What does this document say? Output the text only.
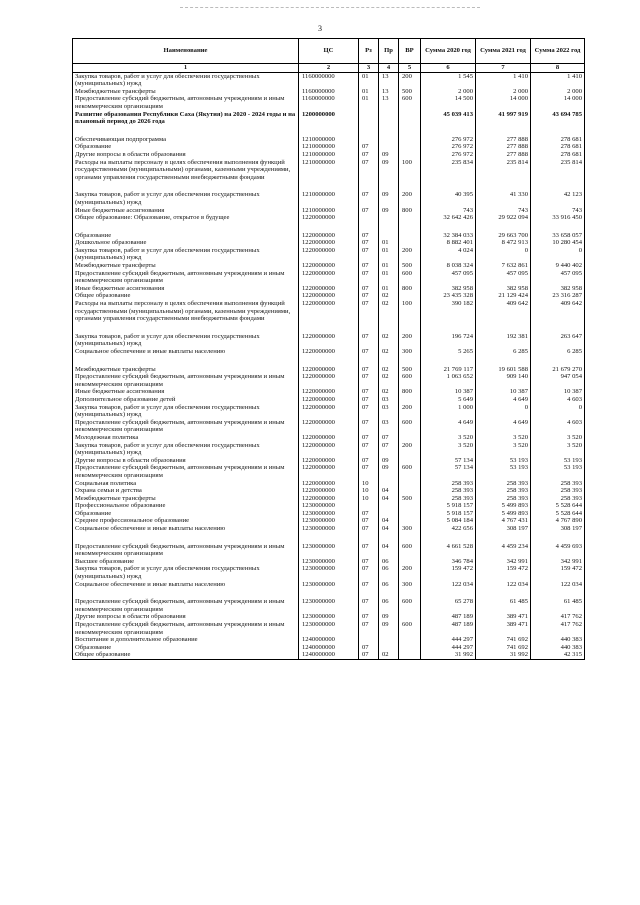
3
Наименование	ЦС	Рз	Пр	ВР	Сумма 2020 год	Сумма 2021 год	Сумма 2022 год
1	2	3	4	5	6	7	8
Закупка товаров, работ и услуг для обеспечения государственных (муниципальных) нужд	1160000000	01	13	200	1 545	1 410	1 410
Межбюджетные трансферты	1160000000	01	13	500	2 000	2 000	2 000
Предоставление субсидий бюджетным, автономным учреждениям и иным некоммерческим организациям	1160000000	01	13	600	14 500	14 000	14 000
Развитие образования Республики Саха (Якутия) на 2020 - 2024 годы и на плановый период до 2026 года	1200000000				45 039 413	41 997 919	43 694 785

Обеспечивающая подпрограмма	1210000000				276 972	277 888	278 681
Образование	1210000000	07			276 972	277 888	278 681
Другие вопросы в области образования	1210000000	07	09		276 972	277 888	278 681
Расходы на выплаты персоналу в целях обеспечения выполнения функций государственными (муниципальными) органами, казенными учреждениями, органами управления государственными внебюджетными фондами	1210000000	07	09	100	235 834	235 814	235 814

Закупка товаров, работ и услуг для обеспечения государственных (муниципальных) нужд	1210000000	07	09	200	40 395	41 330	42 123
Иные бюджетные ассигнования	1210000000	07	09	800	743	743	743
Общее образование: Образование, открытое в будущее	1220000000				32 642 426	29 922 094	33 916 450

Образование	1220000000	07			32 384 033	29 663 700	33 658 057
Дошкольное образование	1220000000	07	01		8 882 401	8 472 913	10 280 454
Закупка товаров, работ и услуг для обеспечения государственных (муниципальных) нужд	1220000000	07	01	200	4 024	0	0
Межбюджетные трансферты	1220000000	07	01	500	8 038 324	7 632 861	9 440 402
Предоставление субсидий бюджетным, автономным учреждениям и иным некоммерческим организациям	1220000000	07	01	600	457 095	457 095	457 095
Иные бюджетные ассигнования	1220000000	07	01	800	382 958	382 958	382 958
Общее образование	1220000000	07	02		23 435 328	21 129 424	23 316 287
Расходы на выплаты персоналу в целях обеспечения выполнения функций государственными (муниципальными) органами, казенными учреждениями, органами управления государственными внебюджетными фондами	1220000000	07	02	100	390 182	409 642	409 642

Закупка товаров, работ и услуг для обеспечения государственных (муниципальных) нужд	1220000000	07	02	200	196 724	192 381	263 647
Социальное обеспечение и иные выплаты населению	1220000000	07	02	300	5 265	6 285	6 285

Межбюджетные трансферты	1220000000	07	02	500	21 769 117	19 601 588	21 679 270
Предоставление субсидий бюджетным, автономным учреждениям и иным некоммерческим организациям	1220000000	07	02	600	1 063 652	909 140	947 054
Иные бюджетные ассигнования	1220000000	07	02	800	10 387	10 387	10 387
Дополнительное образование детей	1220000000	07	03		5 649	4 649	4 603
Закупка товаров, работ и услуг для обеспечения государственных (муниципальных) нужд	1220000000	07	03	200	1 000	0	0
Предоставление субсидий бюджетным, автономным учреждениям и иным некоммерческим организациям	1220000000	07	03	600	4 649	4 649	4 603
Молодежная политика	1220000000	07	07		3 520	3 520	3 520
Закупка товаров, работ и услуг для обеспечения государственных (муниципальных) нужд	1220000000	07	07	200	3 520	3 520	3 520
Другие вопросы в области образования	1220000000	07	09		57 134	53 193	53 193
Предоставление субсидий бюджетным, автономным учреждениям и иным некоммерческим организациям	1220000000	07	09	600	57 134	53 193	53 193
Социальная политика	1220000000	10			258 393	258 393	258 393
Охрана семьи и детства	1220000000	10	04		258 393	258 393	258 393
Межбюджетные трансферты	1220000000	10	04	500	258 393	258 393	258 393
Профессиональное образование	1230000000				5 918 157	5 499 893	5 528 644
Образование	1230000000	07			5 918 157	5 499 893	5 528 644
Среднее профессиональное образование	1230000000	07	04		5 084 184	4 767 431	4 767 890
Социальное обеспечение и иные выплаты населению	1230000000	07	04	300	422 656	308 197	308 197

Предоставление субсидий бюджетным, автономным учреждениям и иным некоммерческим организациям	1230000000	07	04	600	4 661 528	4 459 234	4 459 693
Высшее образование	1230000000	07	06		346 784	342 991	342 991
Закупка товаров, работ и услуг для обеспечения государственных (муниципальных) нужд	1230000000	07	06	200	159 472	159 472	159 472
Социальное обеспечение и иные выплаты населению	1230000000	07	06	300	122 034	122 034	122 034

Предоставление субсидий бюджетным, автономным учреждениям и иным некоммерческим организациям	1230000000	07	06	600	65 278	61 485	61 485
Другие вопросы в области образования	1230000000	07	09		487 189	389 471	417 762
Предоставление субсидий бюджетным, автономным учреждениям и иным некоммерческим организациям	1230000000	07	09	600	487 189	389 471	417 762
Воспитание и дополнительное образование	1240000000				444 297	741 692	440 383
Образование	1240000000	07			444 297	741 692	440 383
Общее образование	1240000000	07	02		31 992	31 992	42 315
